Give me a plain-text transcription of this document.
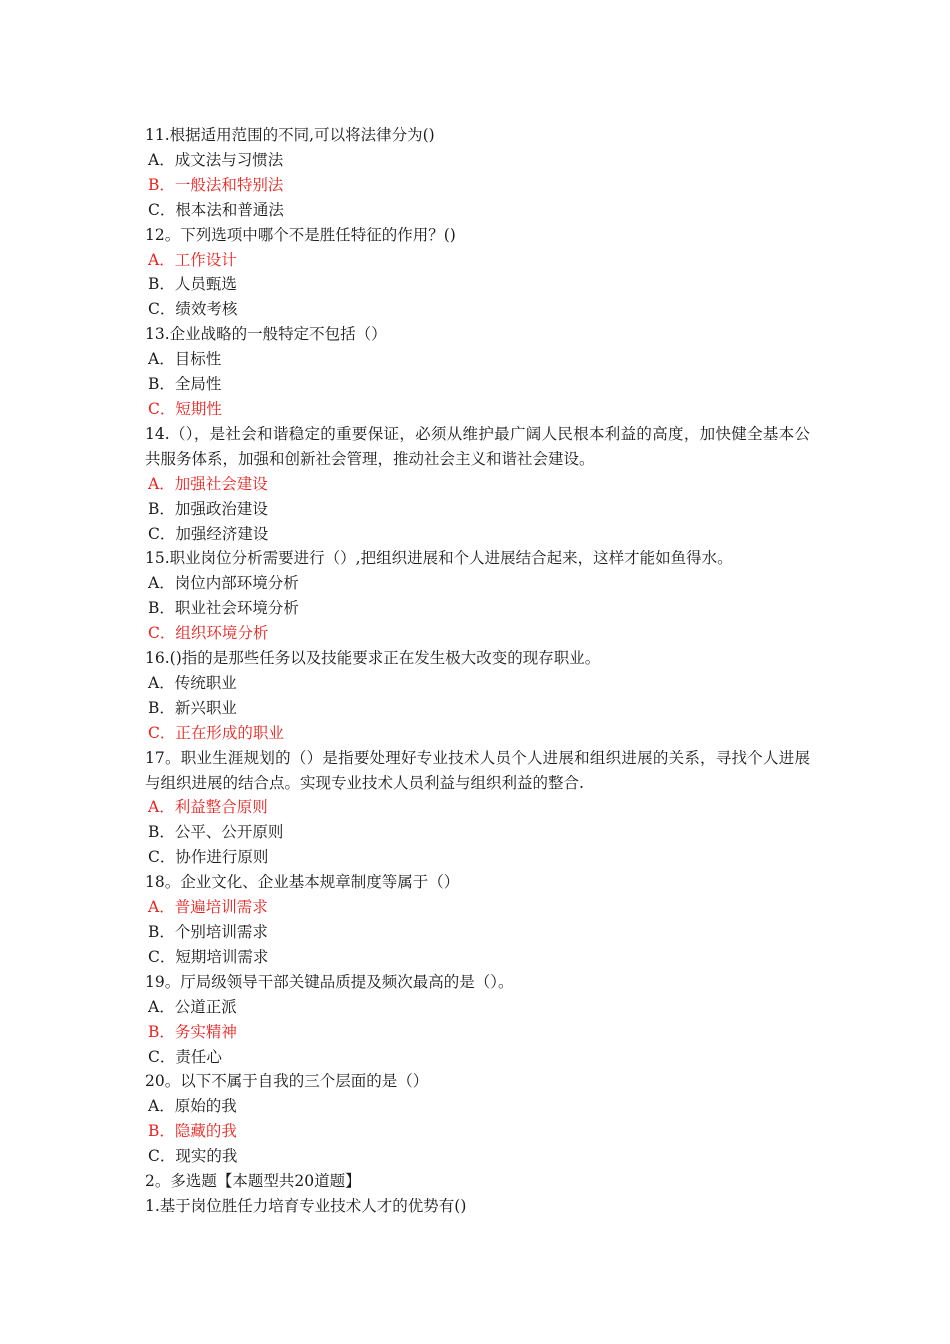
11.根据适用范围的不同,可以将法律分为()
A．成文法与习惯法
B．一般法和特别法
C．根本法和普通法
12。下列选项中哪个不是胜任特征的作用？()
A．工作设计
B．人员甄选
C．绩效考核
13.企业战略的一般特定不包括（）
A．目标性
B．全局性
C．短期性
14.（），是社会和谐稳定的重要保证，必须从维护最广阔人民根本利益的高度，加快健全基本公共服务体系，加强和创新社会管理，推动社会主义和谐社会建设。
A．加强社会建设
B．加强政治建设
C．加强经济建设
15.职业岗位分析需要进行（）,把组织进展和个人进展结合起来，这样才能如鱼得水。
A．岗位内部环境分析
B．职业社会环境分析
C．组织环境分析
16.()指的是那些任务以及技能要求正在发生极大改变的现存职业。
A．传统职业
B．新兴职业
C．正在形成的职业
17。职业生涯规划的（）是指要处理好专业技术人员个人进展和组织进展的关系，寻找个人进展与组织进展的结合点。实现专业技术人员利益与组织利益的整合.
A．利益整合原则
B．公平、公开原则
C．协作进行原则
18。企业文化、企业基本规章制度等属于（）
A．普遍培训需求
B．个别培训需求
C．短期培训需求
19。厅局级领导干部关键品质提及频次最高的是（）。
A．公道正派
B．务实精神
C．责任心
20。以下不属于自我的三个层面的是（）
A．原始的我
B．隐藏的我
C．现实的我
2。多选题【本题型共20道题】
1.基于岗位胜任力培育专业技术人才的优势有()
